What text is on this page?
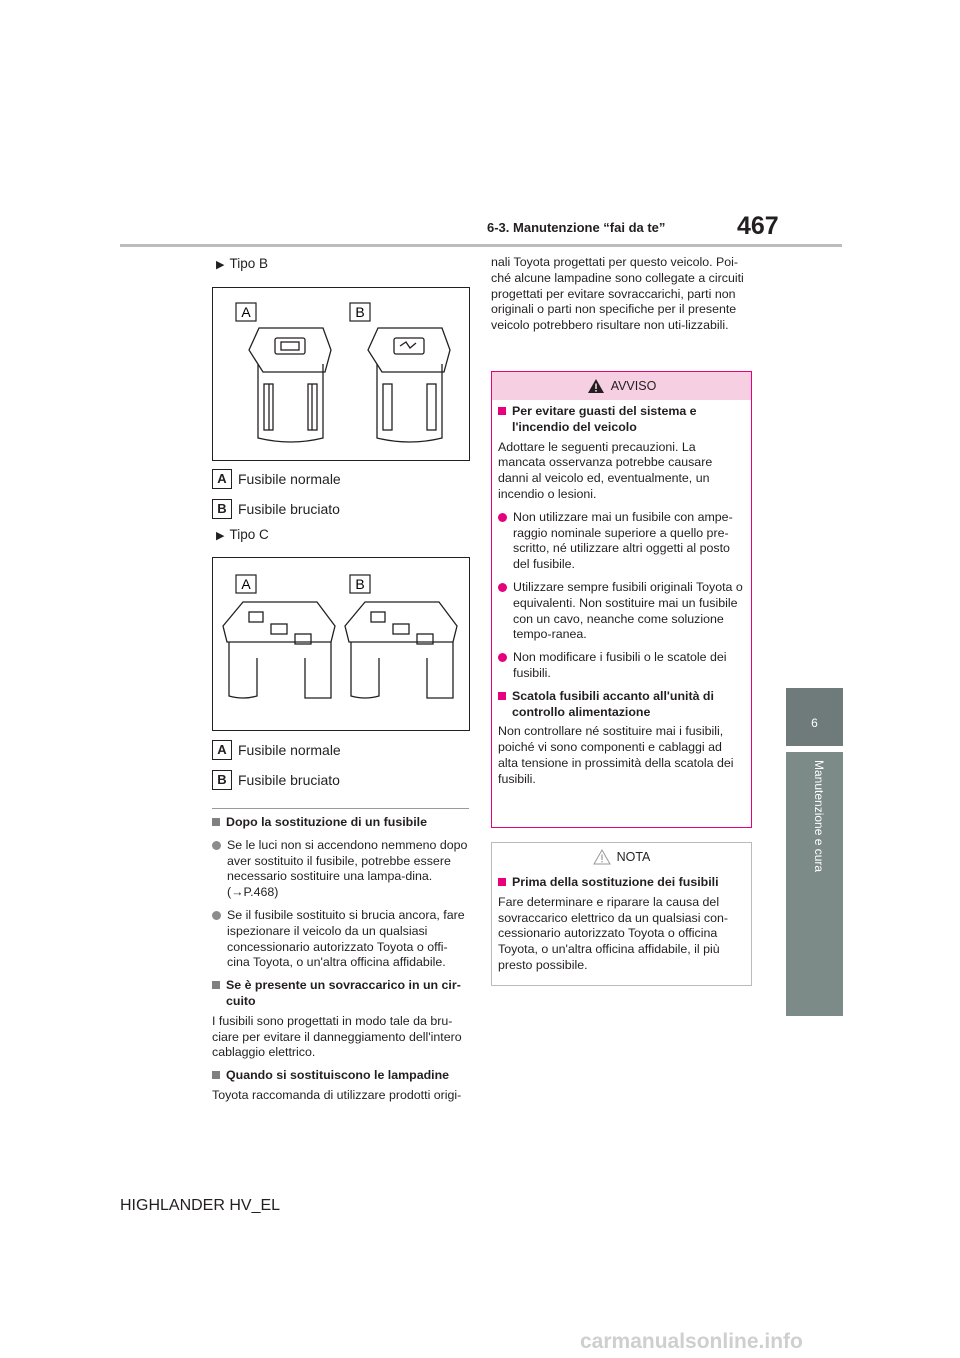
6-3. Manutenzione “fai da te”	467
6
Manutenzione e cura
▶ Tipo B
A	B
A Fusibile normale
B Fusibile bruciato
▶ Tipo C
A	B
A Fusibile normale
B Fusibile bruciato
Dopo la sostituzione di un fusibile
Se le luci non si accendono nemmeno dopo aver sostituito il fusibile, potrebbe essere necessario sostituire una lampa-dina. (→P.468)
Se il fusibile sostituito si brucia ancora, fare ispezionare il veicolo da un qualsiasi concessionario autorizzato Toyota o offi-cina Toyota, o un'altra officina affidabile.
Se è presente un sovraccarico in un cir-cuito
I fusibili sono progettati in modo tale da bru-ciare per evitare il danneggiamento dell'intero cablaggio elettrico.
Quando si sostituiscono le lampadine
Toyota raccomanda di utilizzare prodotti origi-
nali Toyota progettati per questo veicolo. Poi-ché alcune lampadine sono collegate a circuiti progettati per evitare sovraccarichi, parti non originali o parti non specifiche per il presente veicolo potrebbero risultare non uti-lizzabili.
AVVISO
Per evitare guasti del sistema e l'incendio del veicolo
Adottare le seguenti precauzioni. La mancata osservanza potrebbe causare danni al veicolo ed, eventualmente, un incendio o lesioni.
Non utilizzare mai un fusibile con ampe-raggio nominale superiore a quello pre-scritto, né utilizzare altri oggetti al posto del fusibile.
Utilizzare sempre fusibili originali Toyota o equivalenti. Non sostituire mai un fusibile con un cavo, neanche come soluzione tempo-ranea.
Non modificare i fusibili o le scatole dei fusibili.
Scatola fusibili accanto all'unità di controllo alimentazione
Non controllare né sostituire mai i fusibili, poiché vi sono componenti e cablaggi ad alta tensione in prossimità della scatola dei fusibili.
NOTA
Prima della sostituzione dei fusibili
Fare determinare e riparare la causa del sovraccarico elettrico da un qualsiasi con-cessionario autorizzato Toyota o officina Toyota, o un'altra officina affidabile, il più presto possibile.
HIGHLANDER HV_EL
carmanualsonline.info
